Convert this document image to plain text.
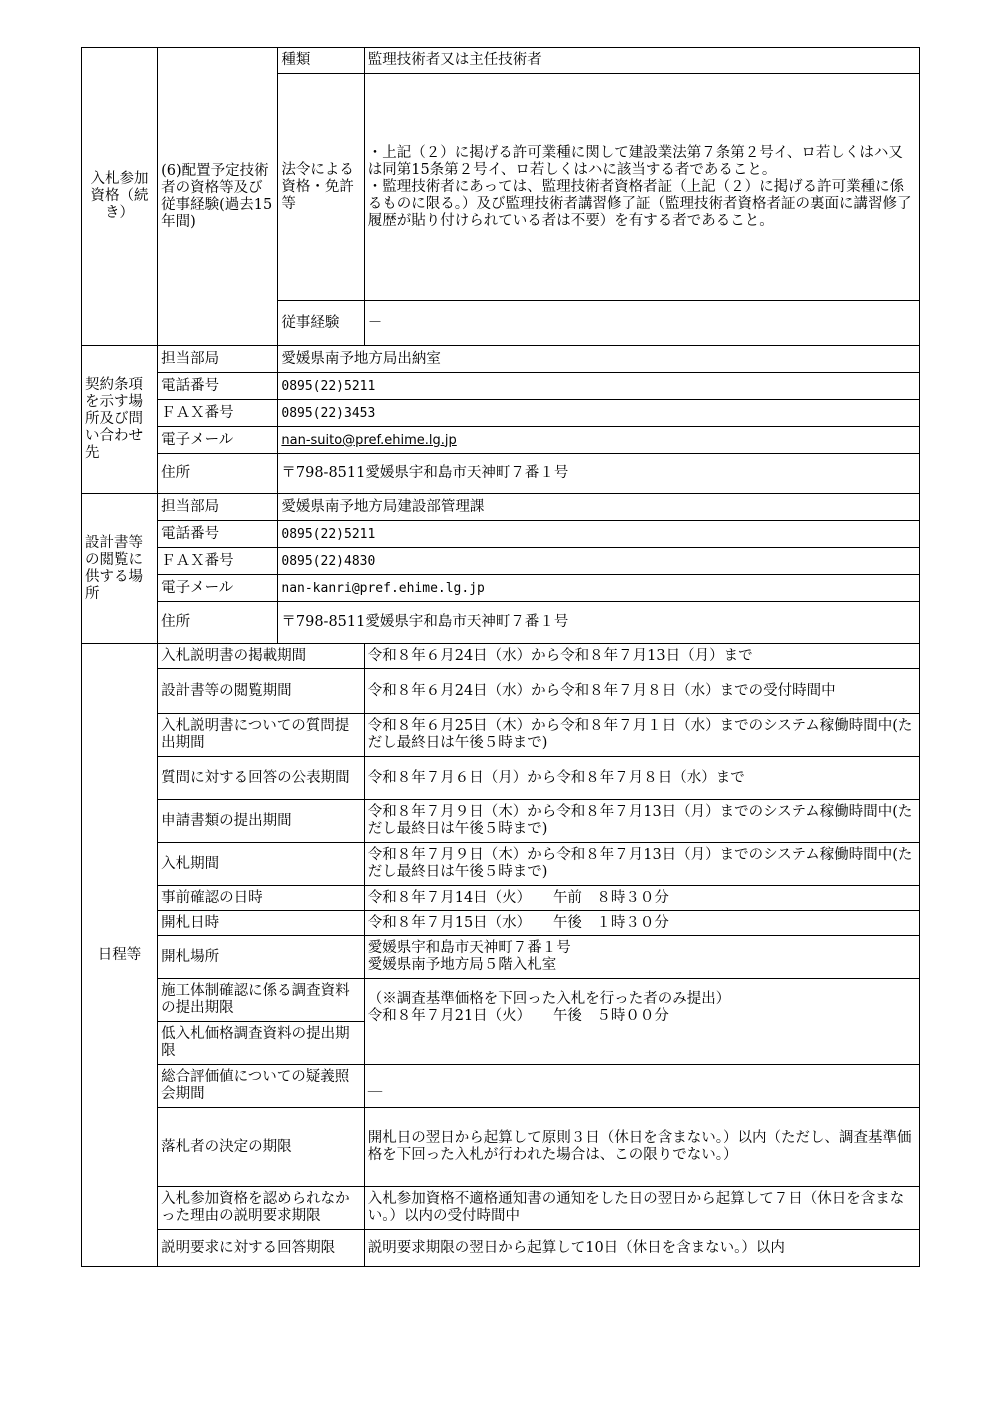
入札参加資格（続き）	(6)配置予定技術者の資格等及び従事経験(過去15年間)	種類	監理技術者又は主任技術者
		法令による資格・免許等	・上記（２）に掲げる許可業種に関して建設業法第７条第２号イ、ロ若しくはハ又は同第15条第２号イ、ロ若しくはハに該当する者であること。
・監理技術者にあっては、監理技術者資格者証（上記（２）に掲げる許可業種に係るものに限る。）及び監理技術者講習修了証（監理技術者資格者証の裏面に講習修了履歴が貼り付けられている者は不要）を有する者であること。

		従事経験	－
契約条項を示す場所及び問い合わせ先	担当部局	愛媛県南予地方局出納室	
	電話番号	0895(22)5211	
	ＦＡＸ番号	0895(22)3453	
	電子メール	nan-suito@pref.ehime.lg.jp	
	住所	〒798-8511愛媛県宇和島市天神町７番１号	
設計書等の閲覧に供する場所	担当部局	愛媛県南予地方局建設部管理課	
	電話番号	0895(22)5211	
	ＦＡＸ番号	0895(22)4830	
	電子メール	nan-kanri@pref.ehime.lg.jp	
	住所	〒798-8511愛媛県宇和島市天神町７番１号	
日程等	入札説明書の掲載期間		令和８年６月24日（水）から令和８年７月13日（月）まで
	設計書等の閲覧期間		令和８年６月24日（水）から令和８年７月８日（水）までの受付時間中
	入札説明書についての質問提出期間		令和８年６月25日（木）から令和８年７月１日（水）までのシステム稼働時間中(ただし最終日は午後５時まで)
	質問に対する回答の公表期間		令和８年７月６日（月）から令和８年７月８日（水）まで
	申請書類の提出期間		令和８年７月９日（木）から令和８年７月13日（月）までのシステム稼働時間中(ただし最終日は午後５時まで)
	入札期間		令和８年７月９日（木）から令和８年７月13日（月）までのシステム稼働時間中(ただし最終日は午後５時まで)
	事前確認の日時		令和８年７月14日（火）　　午前　８時３０分
	開札日時		令和８年７月15日（水）　　午後　１時３０分
	開札場所		愛媛県宇和島市天神町７番１号
愛媛県南予地方局５階入札室

	施工体制確認に係る調査資料の提出期限		（※調査基準価格を下回った入札を行った者のみ提出）
令和８年７月21日（火）　　午後　５時００分

	低入札価格調査資料の提出期限		
	総合評価値についての疑義照会期間		＿
	落札者の決定の期限		開札日の翌日から起算して原則３日（休日を含まない。）以内（ただし、調査基準価格を下回った入札が行われた場合は、この限りでない。）
	入札参加資格を認められなかった理由の説明要求期限		入札参加資格不適格通知書の通知をした日の翌日から起算して７日（休日を含まない。）以内の受付時間中
	説明要求に対する回答期限		説明要求期限の翌日から起算して10日（休日を含まない。）以内
